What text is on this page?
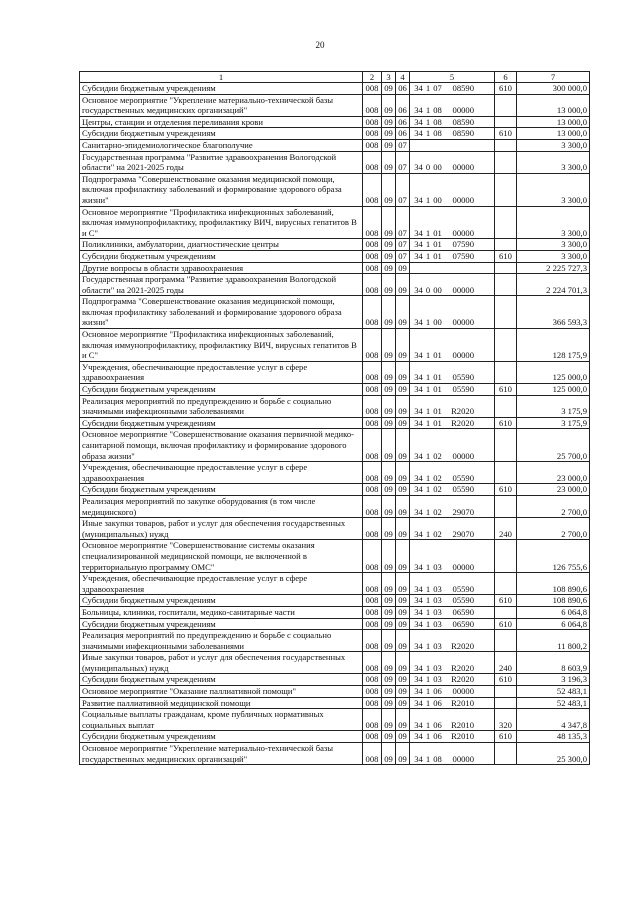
20
1	2	3	4	5	6	7
Субсидии бюджетным учреждениям	008	09	06	34 1 07 08590	610	300 000,0
Основное мероприятие "Укрепление материально-технической базы государственных медицинских организаций"	008	09	06	34 1 08 00000		13 000,0
Центры, станции и отделения переливания крови	008	09	06	34 1 08 08590		13 000,0
Субсидии бюджетным учреждениям	008	09	06	34 1 08 08590	610	13 000,0
Санитарно-эпидемиологическое благополучие	008	09	07			3 300,0
Государственная программа "Развитие здравоохранения Вологодской области" на 2021-2025 годы	008	09	07	34 0 00 00000		3 300,0
Подпрограмма "Совершенствование оказания медицинской помощи, включая профилактику заболеваний и формирование здорового образа жизни"	008	09	07	34 1 00 00000		3 300,0
Основное мероприятие "Профилактика инфекционных заболеваний, включая иммунопрофилактику, профилактику ВИЧ, вирусных гепатитов В и С"	008	09	07	34 1 01 00000		3 300,0
Поликлиники, амбулатории, диагностические центры	008	09	07	34 1 01 07590		3 300,0
Субсидии бюджетным учреждениям	008	09	07	34 1 01 07590	610	3 300,0
Другие вопросы в области здравоохранения	008	09	09			2 225 727,3
Государственная программа "Развитие здравоохранения Вологодской области" на 2021-2025 годы	008	09	09	34 0 00 00000		2 224 701,3
Подпрограмма "Совершенствование оказания медицинской помощи, включая профилактику заболеваний и формирование здорового образа жизни"	008	09	09	34 1 00 00000		366 593,3
Основное мероприятие "Профилактика инфекционных заболеваний, включая иммунопрофилактику, профилактику ВИЧ, вирусных гепатитов В и С"	008	09	09	34 1 01 00000		128 175,9
Учреждения, обеспечивающие предоставление услуг в сфере здравоохранения	008	09	09	34 1 01 05590		125 000,0
Субсидии бюджетным учреждениям	008	09	09	34 1 01 05590	610	125 000,0
Реализация мероприятий по предупреждению и борьбе с социально значимыми инфекционными заболеваниями	008	09	09	34 1 01 R2020		3 175,9
Субсидии бюджетным учреждениям	008	09	09	34 1 01 R2020	610	3 175,9
Основное мероприятие "Совершенствование оказания первичной медико-санитарной помощи, включая профилактику и формирование здорового образа жизни"	008	09	09	34 1 02 00000		25 700,0
Учреждения, обеспечивающие предоставление услуг в сфере здравоохранения	008	09	09	34 1 02 05590		23 000,0
Субсидии бюджетным учреждениям	008	09	09	34 1 02 05590	610	23 000,0
Реализация мероприятий по закупке оборудования (в том числе медицинского)	008	09	09	34 1 02 29070		2 700,0
Иные закупки товаров, работ и услуг для обеспечения государственных (муниципальных) нужд	008	09	09	34 1 02 29070	240	2 700,0
Основное мероприятие "Совершенствование системы оказания специализированной медицинской помощи, не включенной в территориальную программу ОМС"	008	09	09	34 1 03 00000		126 755,6
Учреждения, обеспечивающие предоставление услуг в сфере здравоохранения	008	09	09	34 1 03 05590		108 890,6
Субсидии бюджетным учреждениям	008	09	09	34 1 03 05590	610	108 890,6
Больницы, клиники, госпитали, медико-санитарные части	008	09	09	34 1 03 06590		6 064,8
Субсидии бюджетным учреждениям	008	09	09	34 1 03 06590	610	6 064,8
Реализация мероприятий по предупреждению и борьбе с социально значимыми инфекционными заболеваниями	008	09	09	34 1 03 R2020		11 800,2
Иные закупки товаров, работ и услуг для обеспечения государственных (муниципальных) нужд	008	09	09	34 1 03 R2020	240	8 603,9
Субсидии бюджетным учреждениям	008	09	09	34 1 03 R2020	610	3 196,3
Основное мероприятие "Оказание паллиативной помощи"	008	09	09	34 1 06 00000		52 483,1
Развитие паллиативной медицинской помощи	008	09	09	34 1 06 R2010		52 483,1
Социальные выплаты гражданам, кроме публичных нормативных социальных выплат	008	09	09	34 1 06 R2010	320	4 347,8
Субсидии бюджетным учреждениям	008	09	09	34 1 06 R2010	610	48 135,3
Основное мероприятие "Укрепление материально-технической базы государственных медицинских организаций"	008	09	09	34 1 08 00000		25 300,0
